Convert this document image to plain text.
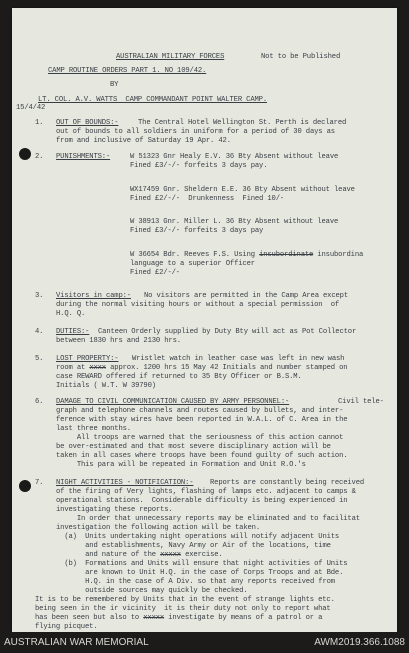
AUSTRALIAN MILITARY FORCES	Not to be Published
CAMP ROUTINE ORDERS PART 1. NO 109/42.
BY
LT. COL. A.V. WATTS  CAMP COMMANDANT POINT WALTER CAMP.
15/4/42
1. OUT OF BOUNDS:-	The Central Hotel Wellington St. Perth is declared
out of bounds to all soldiers in uniform for a period of 30 days as
from and inclusive of Saturday 19 Apr. 42.
2. PUNISHMENTS:-	W 51323 Gnr Healy E.V. 36 Bty Absent without leave
Fined £3/-/- forfeits 3 days pay.
WX17459 Gnr. Sheldern E.E. 36 Bty Absent without leave
Fined £2/-/-  Drunkenness  Fined 10/-
W 38913 Gnr. Miller L. 36 Bty Absent without leave
Fined £3/-/- forfeits 3 days pay
W 36654 Bdr. Reeves F.S. Using insubordinate insubordina
language to a superior Officer
Fined £2/-/-
3. Visitors in camp:- No visitors are permitted in the Camp Area except
during the normal visiting hours or without a special permission  of
H.Q. Q.
4. DUTIES:- Canteen Orderly supplied by Duty Bty will act as Pot Collector
between 1830 hrs and 2130 hrs.
5. LOST PROPERTY:- Wristlet watch in leather case was left in new wash
room at xxxx approx. 1200 hrs 15 May 42 Initials and number stamped on
case REWARD offered if returned to 35 Bty Officer or B.S.M.
Initials ( W.T. W 39790)
6. DAMAGE TO CIVIL COMMUNICATION CAUSED BY ARMY PERSONNEL:-	Civil tele-
graph and telephone channels and routes caused by bullets, and inter-
ference with stay wires have been reported in W.A.L. of C. Area in the
last three months.
All troops are warned that the seriousness of this action cannot
be over-estimated and that most severe disciplinary action will be
taken in all cases where troops have been found guilty of such action.
This para will be repeated in Formation and Unit R.O.'s
7. NIGHT ACTIVITIES - NOTIFICATION:- Reports are constantly being received
of the firing of Very lights, flashing of lamps etc. adjacent to camps &
operational stations.  Considerable difficulty is being experienced in
investigating these reports.
In order that unnecessary reports may be eliminated and to facilitat
investigation the following action will be taken.
(a)  Units undertaking night operations will notify adjacent Units
and establishments, Navy Army or Air of the locations, time
and nature of the xxxxx exercise.
(b)  Formations and Units will ensure that night activities of Units
are known to Unit H.Q. in the case of Corps Troops and at Bde.
H.Q. in the case of A Div. so that any reports received from
outside sources may quickly be checked.
It is to be remembered by Units that in the event of strange lights etc.
being seen in the ir vicinity  it is their duty not only to report what
has been seen but also to xxxxx investigate by means of a patrol or a
flying picquet.
AUSTRALIAN WAR MEMORIAL	AWM2019.366.1088
